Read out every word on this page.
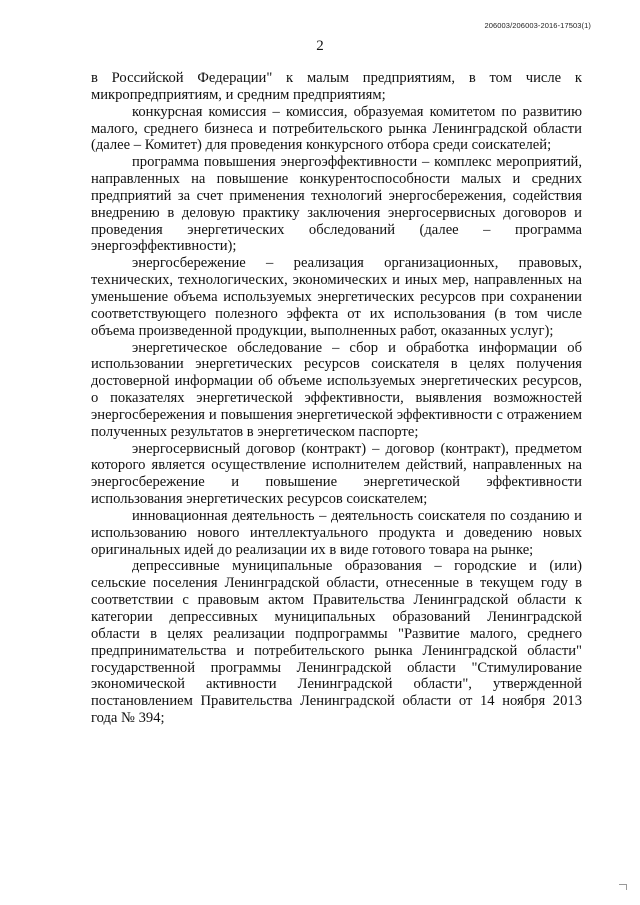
206003/206003-2016-17503(1)
2

в Российской Федерации" к малым предприятиям, в том числе к микропредприятиям, и средним предприятиям;

конкурсная комиссия – комиссия, образуемая комитетом по развитию малого, среднего бизнеса и потребительского рынка Ленинградской области (далее – Комитет) для проведения конкурсного отбора среди соискателей;

программа повышения энергоэффективности – комплекс мероприятий, направленных на повышение конкурентоспособности малых и средних предприятий за счет применения технологий энергосбережения, содействия внедрению в деловую практику заключения энергосервисных договоров и проведения энергетических обследований (далее – программа энергоэффективности);

энергосбережение – реализация организационных, правовых, технических, технологических, экономических и иных мер, направленных на уменьшение объема используемых энергетических ресурсов при сохранении соответствующего полезного эффекта от их использования (в том числе объема произведенной продукции, выполненных работ, оказанных услуг);

энергетическое обследование – сбор и обработка информации об использовании энергетических ресурсов соискателя в целях получения достоверной информации об объеме используемых энергетических ресурсов, о показателях энергетической эффективности, выявления возможностей энергосбережения и повышения энергетической эффективности с отражением полученных результатов в энергетическом паспорте;

энергосервисный договор (контракт) – договор (контракт), предметом которого является осуществление исполнителем действий, направленных на энергосбережение и повышение энергетической эффективности использования энергетических ресурсов соискателем;

инновационная деятельность – деятельность соискателя по созданию и использованию нового интеллектуального продукта и доведению новых оригинальных идей до реализации их в виде готового товара на рынке;

депрессивные муниципальные образования – городские и (или) сельские поселения Ленинградской области, отнесенные в текущем году в соответствии с правовым актом Правительства Ленинградской области к категории депрессивных муниципальных образований Ленинградской области в целях реализации подпрограммы "Развитие малого, среднего предпринимательства и потребительского рынка Ленинградской области" государственной программы Ленинградской области "Стимулирование экономической активности Ленинградской области", утвержденной постановлением Правительства Ленинградской области от 14 ноября 2013 года № 394;
